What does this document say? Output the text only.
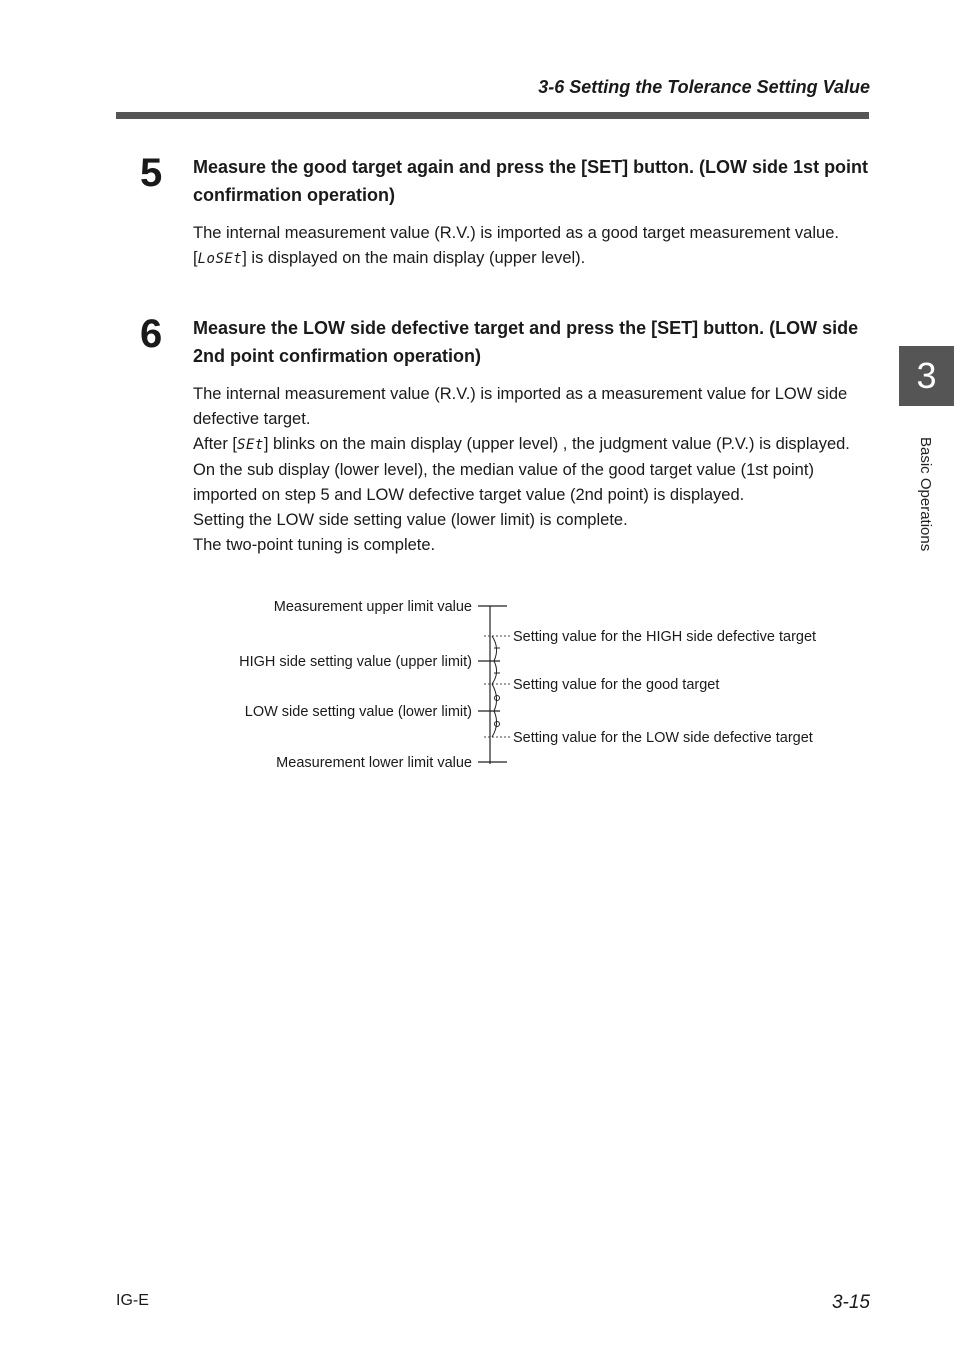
3-6 Setting the Tolerance Setting Value
5 Measure the good target again and press the [SET] button. (LOW side 1st point confirmation operation)

The internal measurement value (R.V.) is imported as a good target measurement value.

[LoSEt] is displayed on the main display (upper level).

6 Measure the LOW side defective target and press the [SET] button. (LOW side 2nd point confirmation operation)

The internal measurement value (R.V.) is imported as a measurement value for LOW side defective target.

After [SEt] blinks on the main display (upper level) , the judgment value (P.V.) is displayed.

On the sub display (lower level), the median value of the good target value (1st point) imported on step 5 and LOW defective target value (2nd point) is displayed.

Setting the LOW side setting value (lower limit) is complete.

The two-point tuning is complete.

Measurement upper limit value
HIGH side setting value (upper limit)
LOW side setting value (lower limit)
Measurement lower limit value
Setting value for the HIGH side defective target
Setting value for the good target
Setting value for the LOW side defective target
3
Basic Operations
IG-E	3-15
